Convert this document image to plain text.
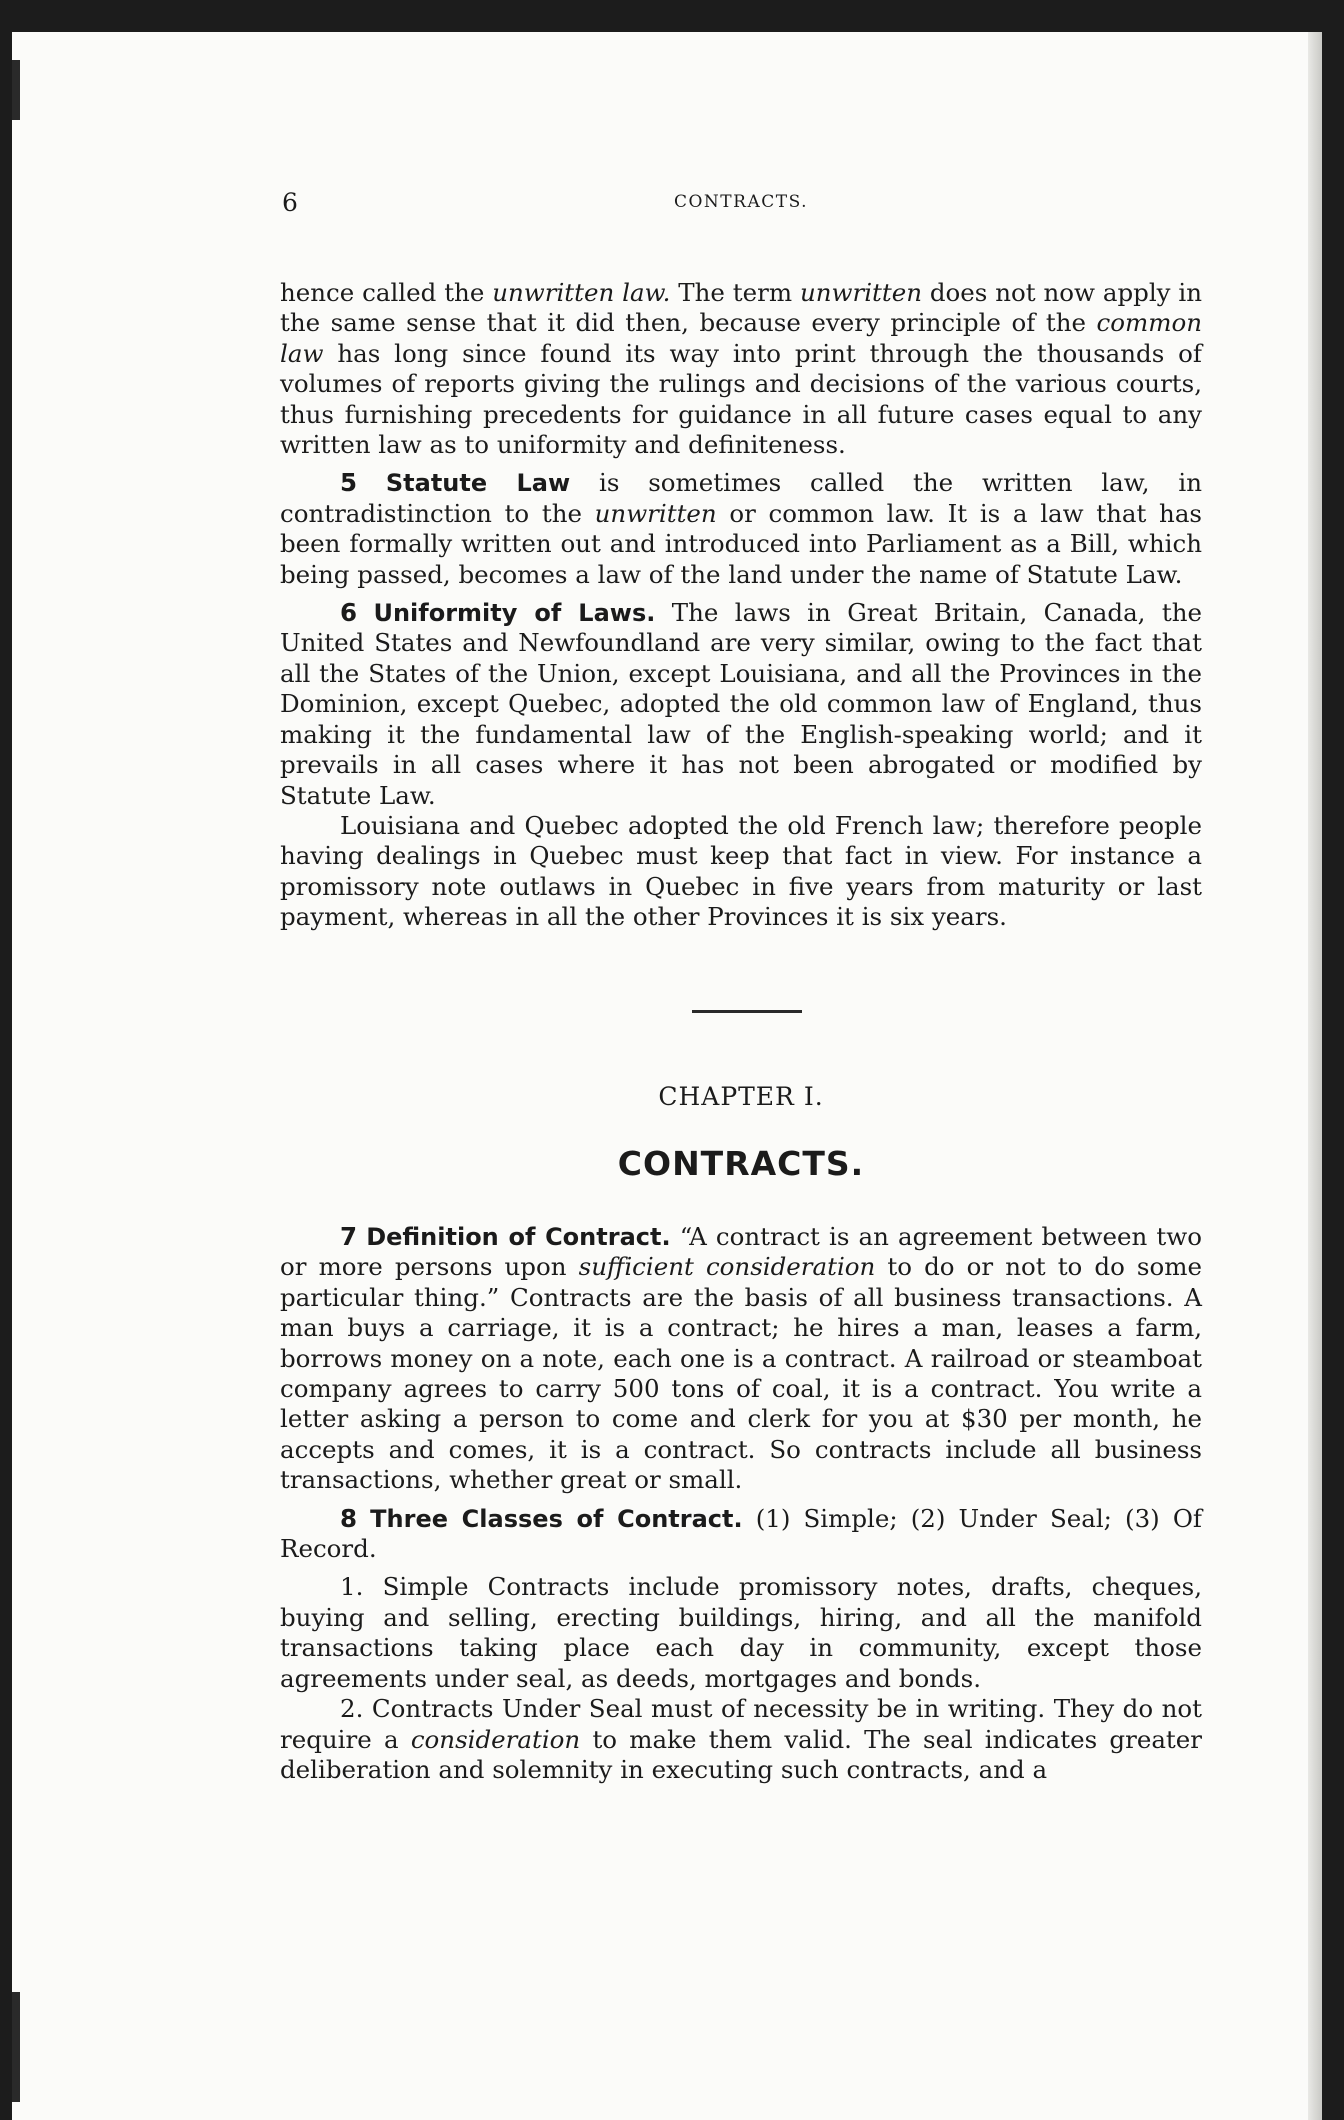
6	CONTRACTS.

hence called the unwritten law. The term unwritten does not now apply in the same sense that it did then, because every principle of the common law has long since found its way into print through the thousands of volumes of reports giving the rulings and decisions of the various courts, thus furnishing precedents for guidance in all future cases equal to any written law as to uniformity and definiteness.

5 Statute Law is sometimes called the written law, in contradistinction to the unwritten or common law. It is a law that has been formally written out and introduced into Parliament as a Bill, which being passed, becomes a law of the land under the name of Statute Law.

6 Uniformity of Laws. The laws in Great Britain, Canada, the United States and Newfoundland are very similar, owing to the fact that all the States of the Union, except Louisiana, and all the Provinces in the Dominion, except Quebec, adopted the old common law of England, thus making it the fundamental law of the English-speaking world; and it prevails in all cases where it has not been abrogated or modified by Statute Law.

Louisiana and Quebec adopted the old French law; therefore people having dealings in Quebec must keep that fact in view. For instance a promissory note outlaws in Quebec in five years from maturity or last payment, whereas in all the other Provinces it is six years.

CHAPTER I.
CONTRACTS.

7 Definition of Contract. “A contract is an agreement between two or more persons upon sufficient consideration to do or not to do some particular thing.” Contracts are the basis of all business transactions. A man buys a carriage, it is a contract; he hires a man, leases a farm, borrows money on a note, each one is a contract. A railroad or steamboat company agrees to carry 500 tons of coal, it is a contract. You write a letter asking a person to come and clerk for you at $30 per month, he accepts and comes, it is a contract. So contracts include all business transactions, whether great or small.

8 Three Classes of Contract. (1) Simple; (2) Under Seal; (3) Of Record.

1. Simple Contracts include promissory notes, drafts, cheques, buying and selling, erecting buildings, hiring, and all the manifold transactions taking place each day in community, except those agreements under seal, as deeds, mortgages and bonds.

2. Contracts Under Seal must of necessity be in writing. They do not require a consideration to make them valid. The seal indicates greater deliberation and solemnity in executing such contracts, and a
